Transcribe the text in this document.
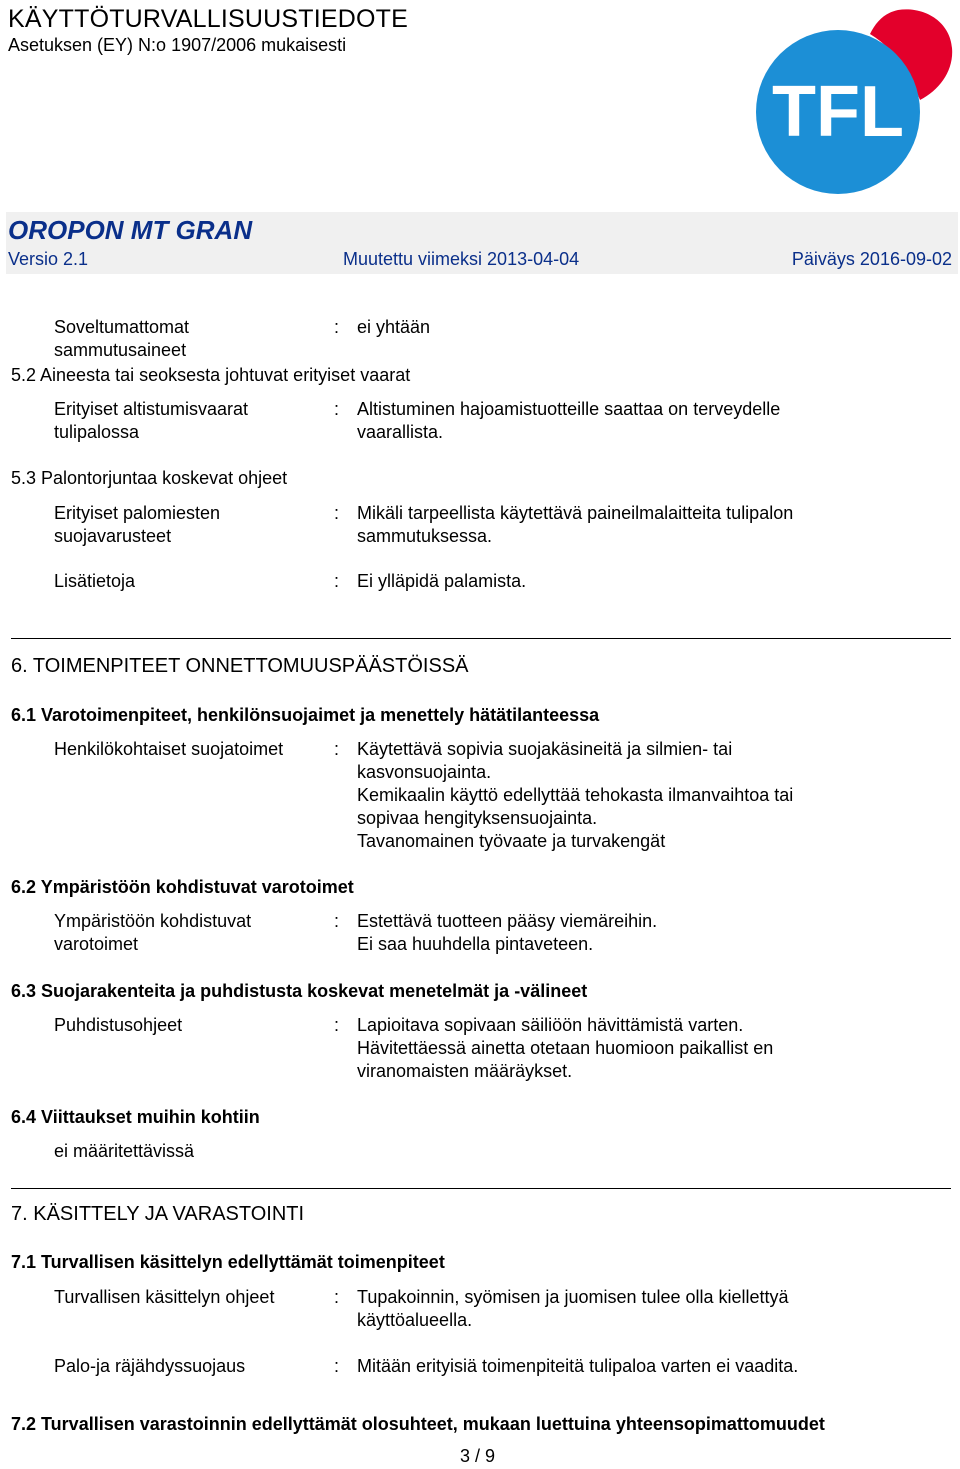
KÄYTTÖTURVALLISUUSTIEDOTE
Asetuksen (EY) N:o 1907/2006 mukaisesti
TFL
OROPON MT GRAN
Versio 2.1	Muutettu viimeksi 2013-04-04	Päiväys 2016-09-02
Soveltumattomat
sammutusaineet
: ei yhtään
5.2 Aineesta tai seoksesta johtuvat erityiset vaarat
Erityiset altistumisvaarat
tulipalossa
: Altistuminen hajoamistuotteille saattaa on terveydelle
vaarallista.
5.3 Palontorjuntaa koskevat ohjeet
Erityiset palomiesten
suojavarusteet
: Mikäli tarpeellista käytettävä paineilmalaitteita tulipalon
sammutuksessa.
Lisätietoja	: Ei ylläpidä palamista.
6. TOIMENPITEET ONNETTOMUUSPÄÄSTÖISSÄ
6.1 Varotoimenpiteet, henkilönsuojaimet ja menettely hätätilanteessa
Henkilökohtaiset suojatoimet	: Käytettävä sopivia suojakäsineitä ja silmien- tai
kasvonsuojainta.
Kemikaalin käyttö edellyttää tehokasta ilmanvaihtoa tai
sopivaa hengityksensuojainta.
Tavanomainen työvaate ja turvakengät
6.2 Ympäristöön kohdistuvat varotoimet
Ympäristöön kohdistuvat
varotoimet
: Estettävä tuotteen pääsy viemäreihin.
Ei saa huuhdella pintaveteen.
6.3 Suojarakenteita ja puhdistusta koskevat menetelmät ja -välineet
Puhdistusohjeet	: Lapioitava sopivaan säiliöön hävittämistä varten.
Hävitettäessä ainetta otetaan huomioon paikallist en
viranomaisten määräykset.
6.4 Viittaukset muihin kohtiin
ei määritettävissä
7. KÄSITTELY JA VARASTOINTI
7.1 Turvallisen käsittelyn edellyttämät toimenpiteet
Turvallisen käsittelyn ohjeet	: Tupakoinnin, syömisen ja juomisen tulee olla kiellettyä
käyttöalueella.
Palo-ja räjähdyssuojaus	: Mitään erityisiä toimenpiteitä tulipaloa varten ei vaadita.
7.2 Turvallisen varastoinnin edellyttämät olosuhteet, mukaan luettuina yhteensopimattomuudet
3 / 9
